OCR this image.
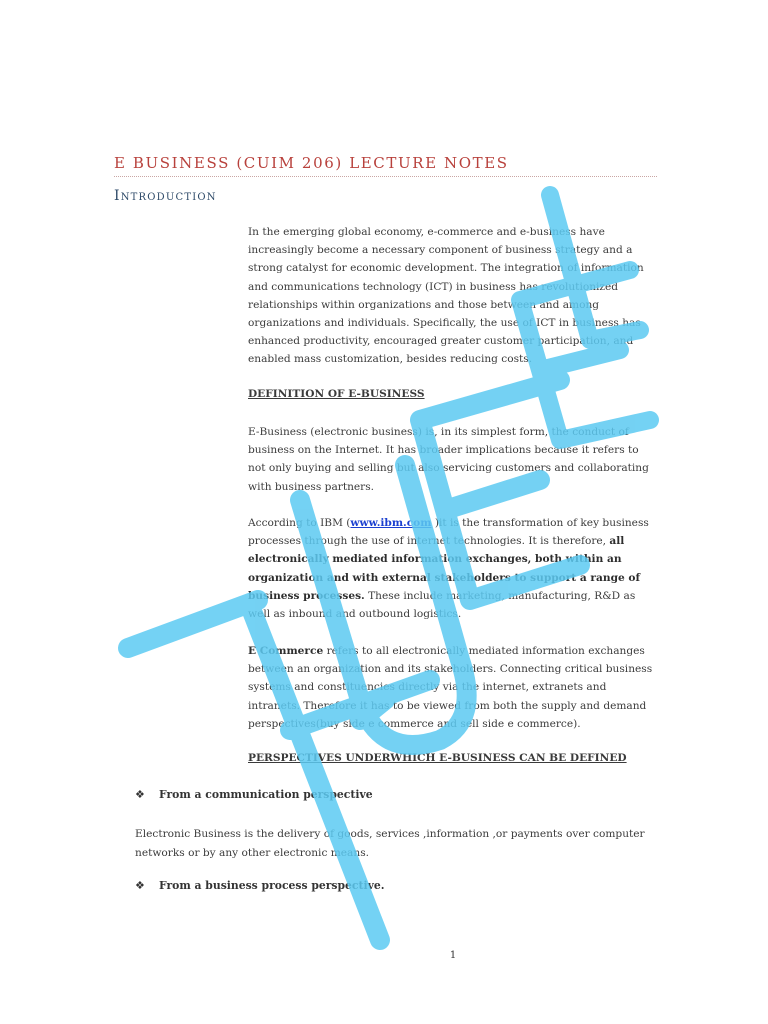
E BUSINESS (CUIM 206) LECTURE NOTES
Introduction

In the emerging global economy, e-commerce and e-business have increasingly become a necessary component of business strategy and a strong catalyst for economic development. The integration of information and communications technology (ICT) in business has revolutionized relationships within organizations and those between and among organizations and individuals. Specifically, the use of ICT in business has enhanced productivity, encouraged greater customer participation, and enabled mass customization, besides reducing costs.

DEFINITION OF E-BUSINESS

E-Business (electronic business) is, in its simplest form, the conduct of business on the Internet. It has broader implications because it refers to not only buying and selling but also servicing customers and collaborating with business partners.

According to IBM (www.ibm.com )it is the transformation of key business processes through the use of internet technologies. It is therefore, all electronically mediated information exchanges, both within an organization and with external stakeholders to support a range of business processes. These include marketing, manufacturing, R&D as well as inbound and outbound logistics.

E Commerce refers to all electronically mediated information exchanges between an organization and its stakeholders. Connecting critical business systems and constituencies directly via the internet, extranets and intranets. Therefore it has to be viewed from both the supply and demand perspectives(buy side e commerce and sell side e commerce).

PERSPECTIVES UNDERWHICH E-BUSINESS CAN BE DEFINED

❖ From a communication perspective

Electronic Business is the delivery of goods, services ,information ,or payments over computer networks or by any other electronic means.

❖ From a business process perspective.

1
